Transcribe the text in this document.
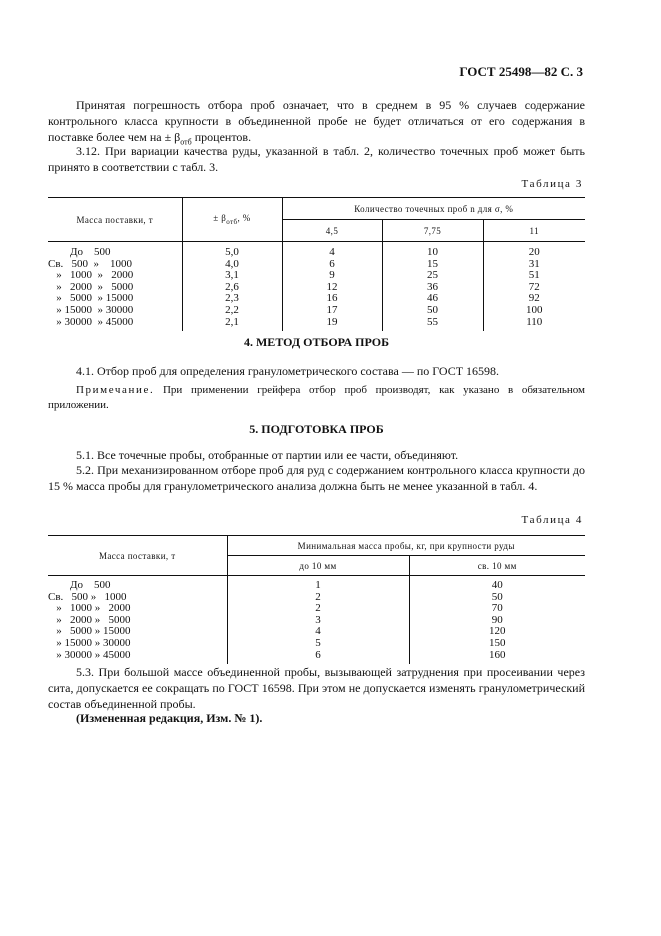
ГОСТ 25498—82 С. 3
Принятая погрешность отбора проб означает, что в среднем в 95 % случаев содержание контрольного класса крупности в объединенной пробе не будет отличаться от его содержания в поставке более чем на ± $\beta_{отб}$ процентов.
3.12. При вариации качества руды, указанной в табл. 2, количество точечных проб может быть принято в соответствии с табл. 3.
Таблица 3
Масса поставки, т	± $\beta_{отб}$, %	Количество точечных проб n для σ, %		
		4,5	7,75	11

До    500	5,0	4	10	20
Св.   500  »    1000	4,0	6	15	31
»   1000  »   2000	3,1	9	25	51
»   2000  »   5000	2,6	12	36	72
»   5000  » 15000	2,3	16	46	92
» 15000  » 30000	2,2	17	50	100
» 30000  » 45000	2,1	19	55	110

4. МЕТОД ОТБОРА ПРОБ
4.1. Отбор проб для определения гранулометрического состава — по ГОСТ 16598.
Примечание. При применении грейфера отбор проб производят, как указано в обязательном приложении.
5. ПОДГОТОВКА ПРОБ
5.1. Все точечные пробы, отобранные от партии или ее части, объединяют.
5.2. При механизированном отборе проб для руд с содержанием контрольного класса крупности до 15 % масса пробы для гранулометрического анализа должна быть не менее указанной в табл. 4.
Таблица 4
Масса поставки, т	Минимальная масса пробы, кг, при крупности руды	
	до 10 мм	св. 10 мм

До    500	1	40
Св.   500 »   1000	2	50
»   1000 »   2000	2	70
»   2000 »   5000	3	90
»   5000 » 15000	4	120
» 15000 » 30000	5	150
» 30000 » 45000	6	160

5.3. При большой массе объединенной пробы, вызывающей затруднения при просеивании через сита, допускается ее сокращать по ГОСТ 16598. При этом не допускается изменять гранулометрический состав объединенной пробы.
(Измененная редакция, Изм. № 1).
